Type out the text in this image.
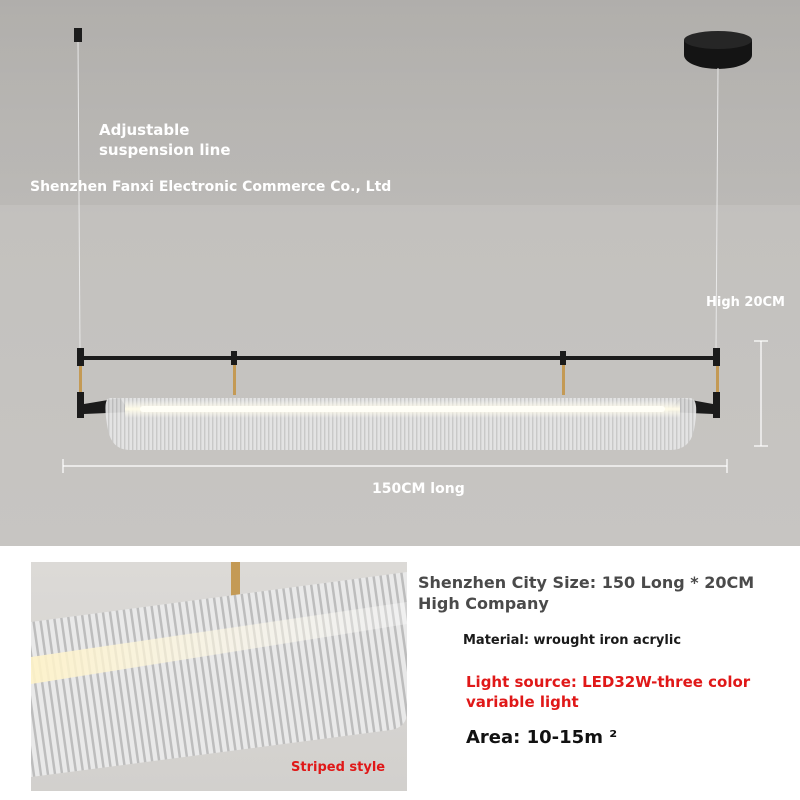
Adjustable suspension line
Shenzhen Fanxi Electronic Commerce Co., Ltd
High 20CM
150CM long
Striped style
Shenzhen City Size: 150 Long * 20CM High Company
Material: wrought iron acrylic
Light source: LED32W-three color variable light
Area: 10-15m ²
